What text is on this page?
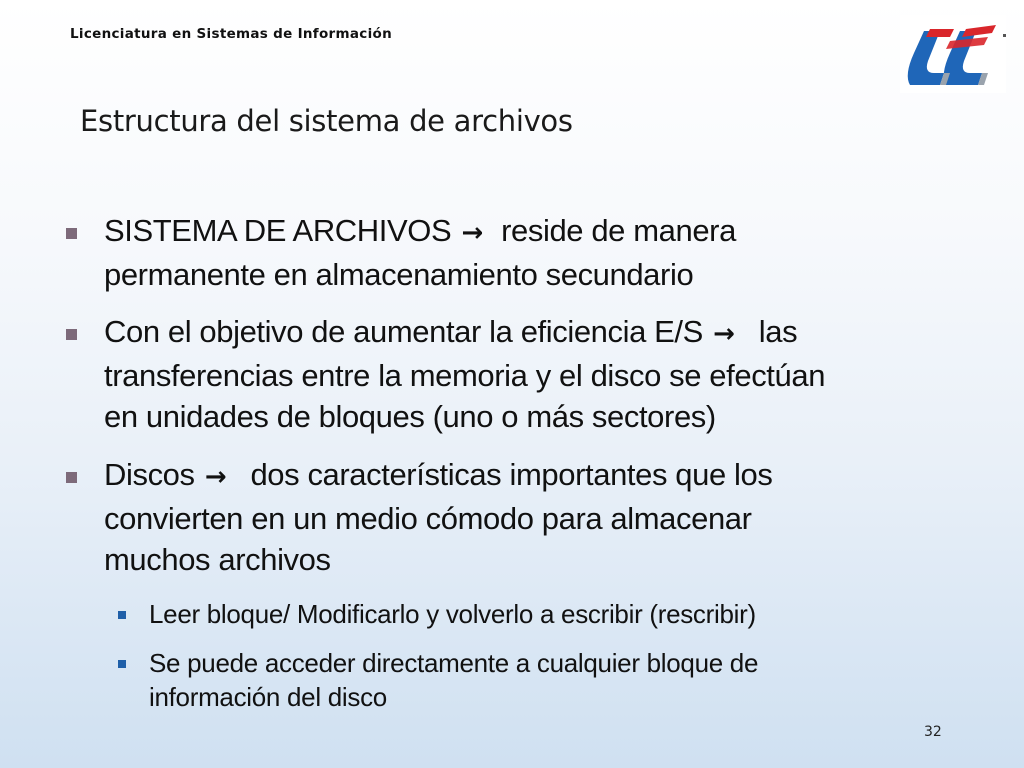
Licenciatura en Sistemas de Información
Estructura del sistema de archivos
SISTEMA DE ARCHIVOS → reside de manera
permanente en almacenamiento secundario
Con el objetivo de aumentar la eficiencia E/S → las
transferencias entre la memoria y el disco se efectúan
en unidades de bloques (uno o más sectores)
Discos → dos características importantes que los
convierten en un medio cómodo para almacenar
muchos archivos
Leer bloque/ Modificarlo y volverlo a escribir (rescribir)
Se puede acceder directamente a cualquier bloque de
información del disco
32
